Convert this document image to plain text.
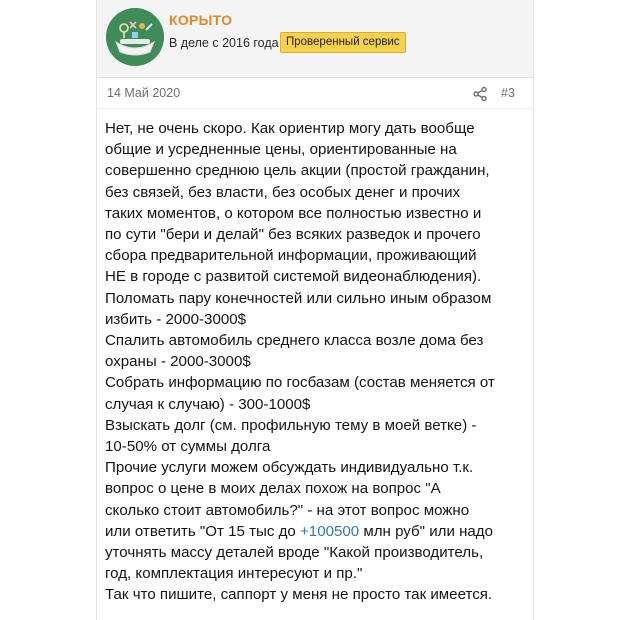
КОРЫТО
В деле с 2016 года Проверенный сервис
14 Май 2020	#3
Нет, не очень скоро. Как ориентир могу дать вообще
общие и усредненные цены, ориентированные на
совершенно среднюю цель акции (простой гражданин,
без связей, без власти, без особых денег и прочих
таких моментов, о котором все полностью известно и
по сути "бери и делай" без всяких разведок и прочего
сбора предварительной информации, проживающий
НЕ в городе с развитой системой видеонаблюдения).
Поломать пару конечностей или сильно иным образом
избить - 2000-3000$
Спалить автомобиль среднего класса возле дома без
охраны - 2000-3000$
Собрать информацию по госбазам (состав меняется от
случая к случаю) - 300-1000$
Взыскать долг (см. профильную тему в моей ветке) -
10-50% от суммы долга
Прочие услуги можем обсуждать индивидуально т.к.
вопрос о цене в моих делах похож на вопрос "А
сколько стоит автомобиль?" - на этот вопрос можно
или ответить "От 15 тыс до +100500 млн руб" или надо
уточнять массу деталей вроде "Какой производитель,
год, комплектация интересуют и пр."
Так что пишите, саппорт у меня не просто так имеется.
